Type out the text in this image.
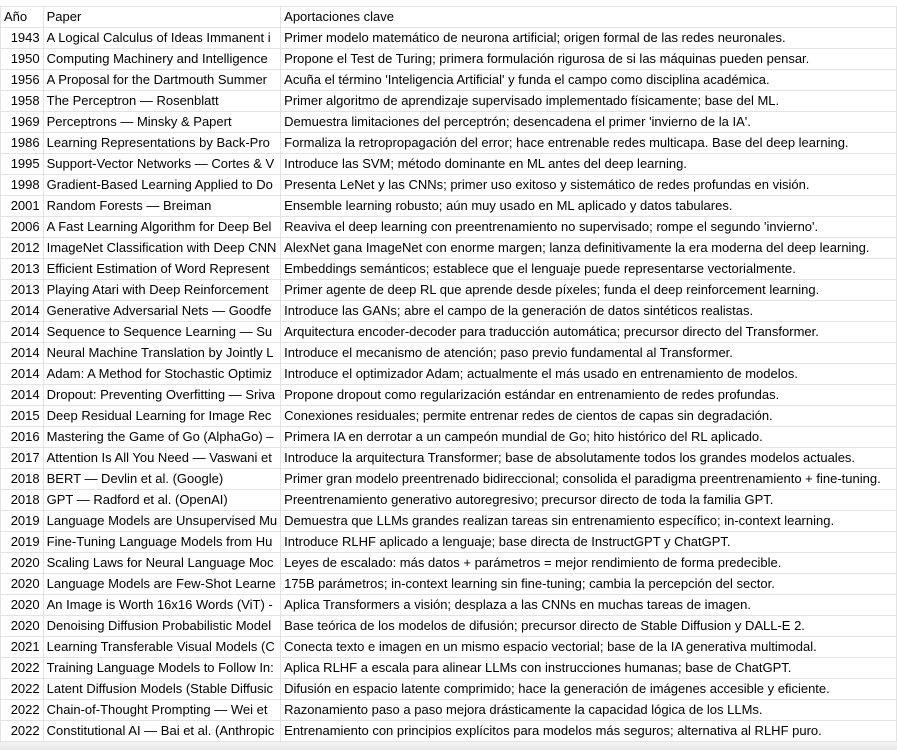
Año	Paper	Aportaciones clave
1943	A Logical Calculus of Ideas Immanent i	Primer modelo matemático de neurona artificial; origen formal de las redes neuronales.
1950	Computing Machinery and Intelligence	Propone el Test de Turing; primera formulación rigurosa de si las máquinas pueden pensar.
1956	A Proposal for the Dartmouth Summer	Acuña el término 'Inteligencia Artificial' y funda el campo como disciplina académica.
1958	The Perceptron — Rosenblatt	Primer algoritmo de aprendizaje supervisado implementado físicamente; base del ML.
1969	Perceptrons — Minsky & Papert	Demuestra limitaciones del perceptrón; desencadena el primer 'invierno de la IA'.
1986	Learning Representations by Back-Pro	Formaliza la retropropagación del error; hace entrenable redes multicapa. Base del deep learning.
1995	Support-Vector Networks — Cortes & V	Introduce las SVM; método dominante en ML antes del deep learning.
1998	Gradient-Based Learning Applied to Do	Presenta LeNet y las CNNs; primer uso exitoso y sistemático de redes profundas en visión.
2001	Random Forests — Breiman	Ensemble learning robusto; aún muy usado en ML aplicado y datos tabulares.
2006	A Fast Learning Algorithm for Deep Bel	Reaviva el deep learning con preentrenamiento no supervisado; rompe el segundo 'invierno'.
2012	ImageNet Classification with Deep CNN	AlexNet gana ImageNet con enorme margen; lanza definitivamente la era moderna del deep learning.
2013	Efficient Estimation of Word Represent	Embeddings semánticos; establece que el lenguaje puede representarse vectorialmente.
2013	Playing Atari with Deep Reinforcement	Primer agente de deep RL que aprende desde píxeles; funda el deep reinforcement learning.
2014	Generative Adversarial Nets — Goodfe	Introduce las GANs; abre el campo de la generación de datos sintéticos realistas.
2014	Sequence to Sequence Learning — Su	Arquitectura encoder-decoder para traducción automática; precursor directo del Transformer.
2014	Neural Machine Translation by Jointly L	Introduce el mecanismo de atención; paso previo fundamental al Transformer.
2014	Adam: A Method for Stochastic Optimiz	Introduce el optimizador Adam; actualmente el más usado en entrenamiento de modelos.
2014	Dropout: Preventing Overfitting — Sriva	Propone dropout como regularización estándar en entrenamiento de redes profundas.
2015	Deep Residual Learning for Image Rec	Conexiones residuales; permite entrenar redes de cientos de capas sin degradación.
2016	Mastering the Game of Go (AlphaGo) –	Primera IA en derrotar a un campeón mundial de Go; hito histórico del RL aplicado.
2017	Attention Is All You Need — Vaswani et	Introduce la arquitectura Transformer; base de absolutamente todos los grandes modelos actuales.
2018	BERT — Devlin et al. (Google)	Primer gran modelo preentrenado bidireccional; consolida el paradigma preentrenamiento + fine-tuning.
2018	GPT — Radford et al. (OpenAI)	Preentrenamiento generativo autoregresivo; precursor directo de toda la familia GPT.
2019	Language Models are Unsupervised Mu	Demuestra que LLMs grandes realizan tareas sin entrenamiento específico; in-context learning.
2019	Fine-Tuning Language Models from Hu	Introduce RLHF aplicado a lenguaje; base directa de InstructGPT y ChatGPT.
2020	Scaling Laws for Neural Language Moc	Leyes de escalado: más datos + parámetros = mejor rendimiento de forma predecible.
2020	Language Models are Few-Shot Learne	175B parámetros; in-context learning sin fine-tuning; cambia la percepción del sector.
2020	An Image is Worth 16x16 Words (ViT) -	Aplica Transformers a visión; desplaza a las CNNs en muchas tareas de imagen.
2020	Denoising Diffusion Probabilistic Model	Base teórica de los modelos de difusión; precursor directo de Stable Diffusion y DALL-E 2.
2021	Learning Transferable Visual Models (C	Conecta texto e imagen en un mismo espacio vectorial; base de la IA generativa multimodal.
2022	Training Language Models to Follow In:	Aplica RLHF a escala para alinear LLMs con instrucciones humanas; base de ChatGPT.
2022	Latent Diffusion Models (Stable Diffusic	Difusión en espacio latente comprimido; hace la generación de imágenes accesible y eficiente.
2022	Chain-of-Thought Prompting — Wei et	Razonamiento paso a paso mejora drásticamente la capacidad lógica de los LLMs.
2022	Constitutional AI — Bai et al. (Anthropic	Entrenamiento con principios explícitos para modelos más seguros; alternativa al RLHF puro.
